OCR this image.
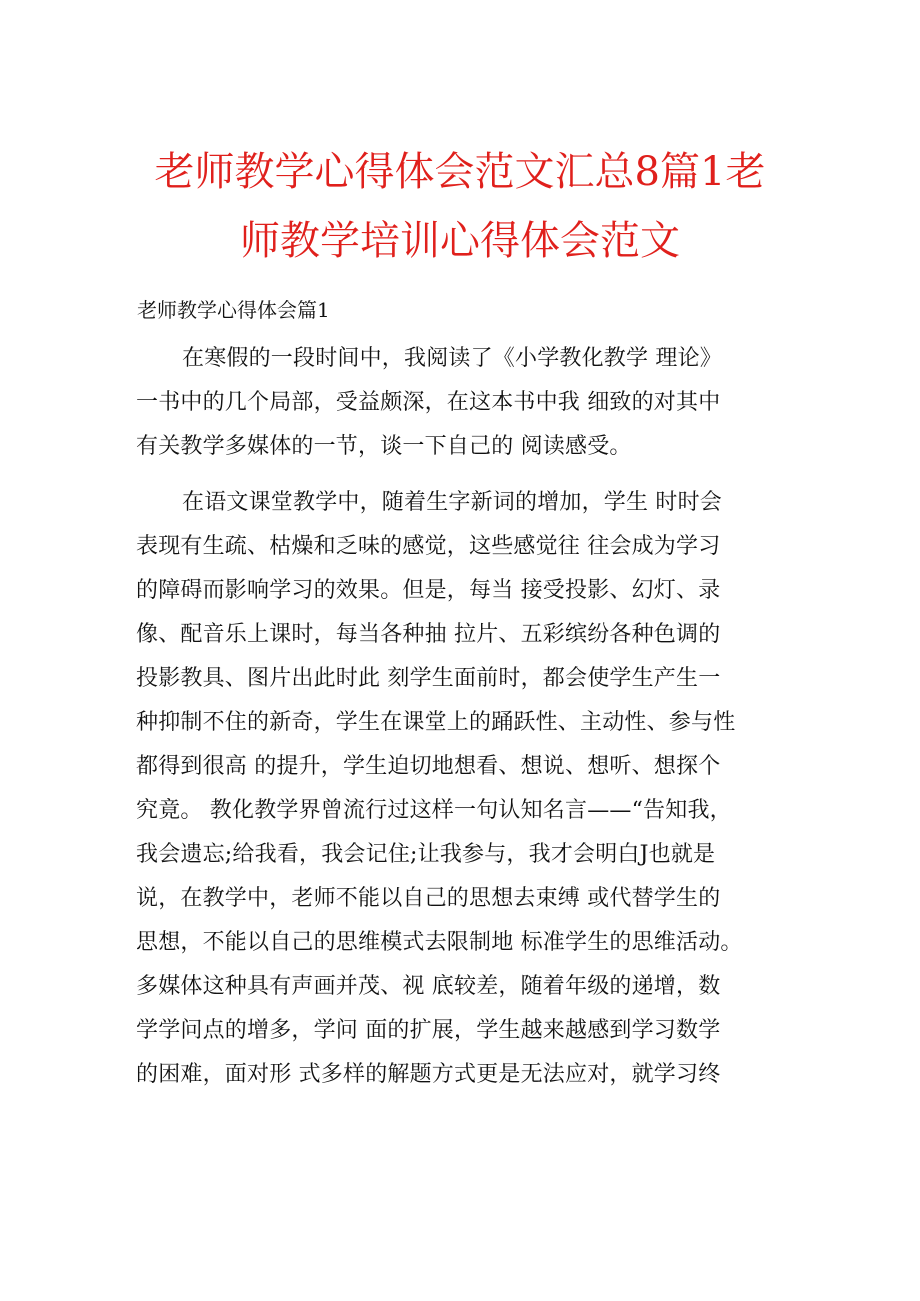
老师教学心得体会范文汇总8篇1老
师教学培训心得体会范文
老师教学心得体会篇1
在寒假的一段时间中，我阅读了《小学教化教学 理论》
一书中的几个局部，受益颇深，在这本书中我 细致的对其中
有关教学多媒体的一节，谈一下自己的 阅读感受。
在语文课堂教学中，随着生字新词的增加，学生 时时会
表现有生疏、枯燥和乏味的感觉，这些感觉往 往会成为学习
的障碍而影响学习的效果。但是，每当 接受投影、幻灯、录
像、配音乐上课时，每当各种抽 拉片、五彩缤纷各种色调的
投影教具、图片出此时此 刻学生面前时，都会使学生产生一
种抑制不住的新奇，学生在课堂上的踊跃性、主动性、参与性
都得到很高 的提升，学生迫切地想看、想说、想听、想探个
究竟。 教化教学界曾流行过这样一句认知名言——“告知我，
我会遗忘;给我看，我会记住;让我参与，我才会明白J也就是
说，在教学中，老师不能以自己的思想去束缚 或代替学生的
思想，不能以自己的思维模式去限制地 标准学生的思维活动。
多媒体这种具有声画并茂、视 底较差，随着年级的递增，数
学学问点的增多，学问 面的扩展，学生越来越感到学习数学
的困难，面对形 式多样的解题方式更是无法应对，就学习终
